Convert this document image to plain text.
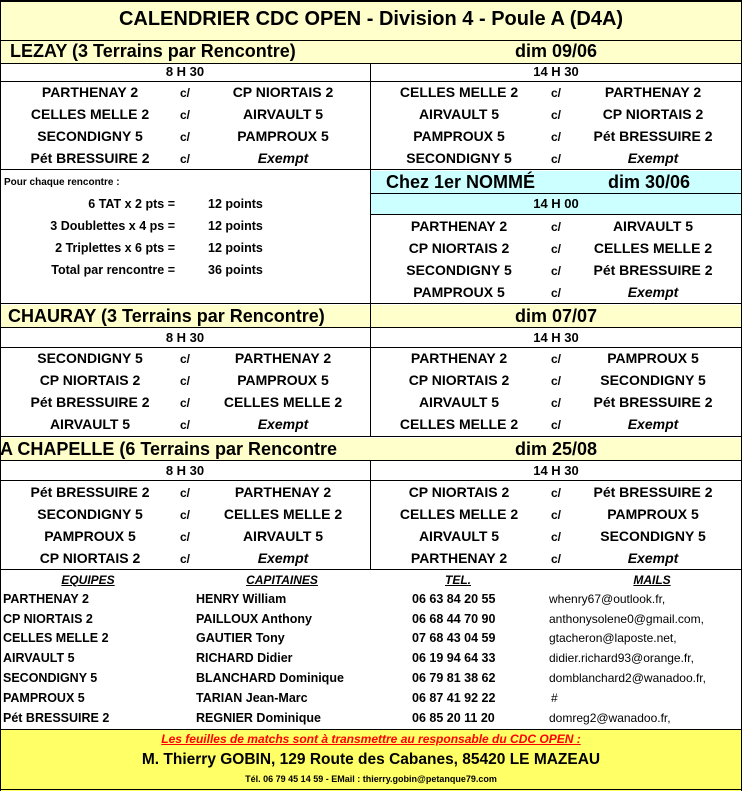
CALENDRIER CDC OPEN - Division 4 - Poule A (D4A)
LEZAY (3 Terrains par Rencontre)	dim 09/06
8 H 30	14 H 30
PARTHENAY 2	c/	CP NIORTAIS 2	CELLES MELLE 2	c/	PARTHENAY 2
CELLES MELLE 2	c/	AIRVAULT 5	AIRVAULT 5	c/	CP NIORTAIS 2
SECONDIGNY 5	c/	PAMPROUX 5	PAMPROUX 5	c/ Pét BRESSUIRE 2
Pét BRESSUIRE 2	c/	Exempt	SECONDIGNY 5	c/	Exempt
Pour chaque rencontre :
6 TAT x 2 pts =	12 points
3 Doublettes x 4 ps =	12 points
2 Triplettes x 6 pts =	12 points
Total par rencontre =	36 points
Chez 1er NOMMÉ	dim 30/06
14 H 00
PARTHENAY 2	c/	AIRVAULT 5
CP NIORTAIS 2	c/ CELLES MELLE 2
SECONDIGNY 5	c/ Pét BRESSUIRE 2
PAMPROUX 5	c/	Exempt
CHAURAY (3 Terrains par Rencontre)	dim 07/07
8 H 30	14 H 30
SECONDIGNY 5	c/	PARTHENAY 2	PARTHENAY 2	c/	PAMPROUX 5
CP NIORTAIS 2	c/	PAMPROUX 5	CP NIORTAIS 2	c/	SECONDIGNY 5
Pét BRESSUIRE 2	c/ CELLES MELLE 2	AIRVAULT 5	c/ Pét BRESSUIRE 2
AIRVAULT 5	c/	Exempt	CELLES MELLE 2	c/	Exempt
A CHAPELLE (6 Terrains par Rencontre	dim 25/08
8 H 30	14 H 30
Pét BRESSUIRE 2	c/	PARTHENAY 2	CP NIORTAIS 2	c/ Pét BRESSUIRE 2
SECONDIGNY 5	c/ CELLES MELLE 2	CELLES MELLE 2	c/	PAMPROUX 5
PAMPROUX 5	c/	AIRVAULT 5	AIRVAULT 5	c/	SECONDIGNY 5
CP NIORTAIS 2	c/	Exempt	PARTHENAY 2	c/	Exempt
EQUIPES	CAPITAINES	TEL.	MAILS
PARTHENAY 2	HENRY William	06 63 84 20 55	whenry67@outlook.fr,
CP NIORTAIS 2	PAILLOUX Anthony	06 68 44 70 90	anthonysolene0@gmail.com,
CELLES MELLE 2	GAUTIER Tony	07 68 43 04 59	gtacheron@laposte.net,
AIRVAULT 5	RICHARD Didier	06 19 94 64 33	didier.richard93@orange.fr,
SECONDIGNY 5	BLANCHARD Dominique	06 79 81 38 62	domblanchard2@wanadoo.fr,
PAMPROUX 5	TARIAN Jean-Marc	06 87 41 92 22	#
Pét BRESSUIRE 2	REGNIER Dominique	06 85 20 11 20	domreg2@wanadoo.fr,
Les feuilles de matchs sont à transmettre au responsable du CDC OPEN :
M. Thierry GOBIN, 129 Route des Cabanes, 85420 LE MAZEAU
Tél. 06 79 45 14 59 - EMail : thierry.gobin@petanque79.com
